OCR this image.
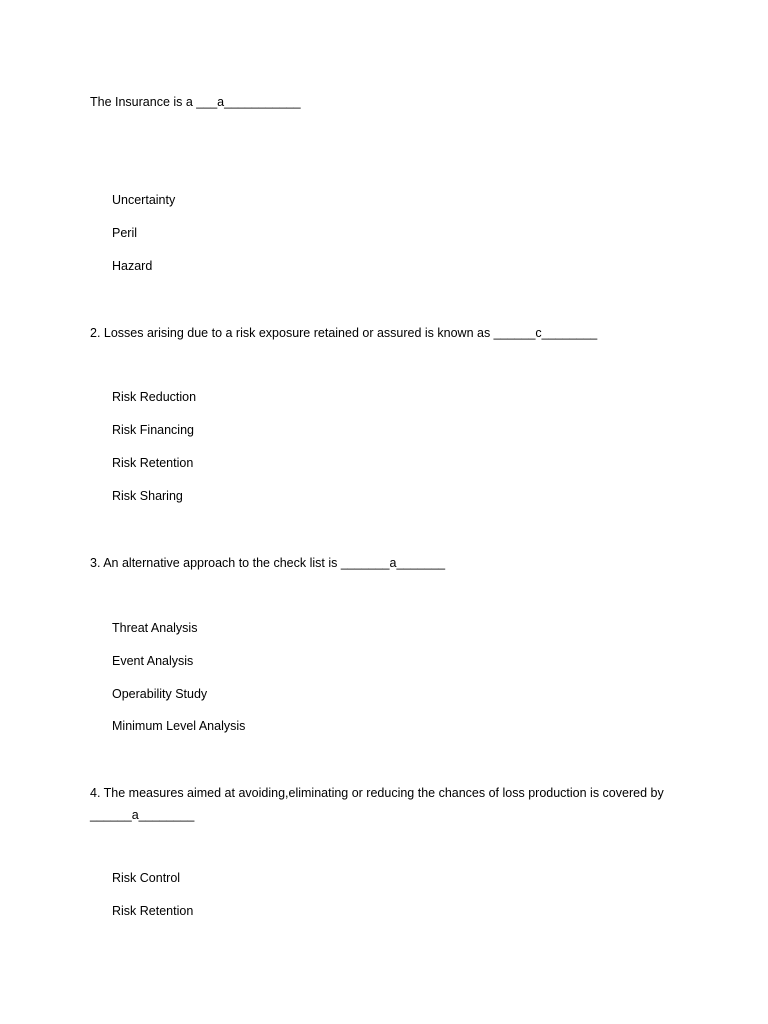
The Insurance is a ___a___________
Uncertainty
Peril
Hazard
2. Losses arising due to a risk exposure retained or assured is known as ______c________
Risk Reduction
Risk Financing
Risk Retention
Risk Sharing
3. An alternative approach to the check list is _______a_______
Threat Analysis
Event Analysis
Operability Study
Minimum Level Analysis
4. The measures aimed at avoiding,eliminating or reducing the chances of loss production is covered by ______a________
Risk Control
Risk Retention
